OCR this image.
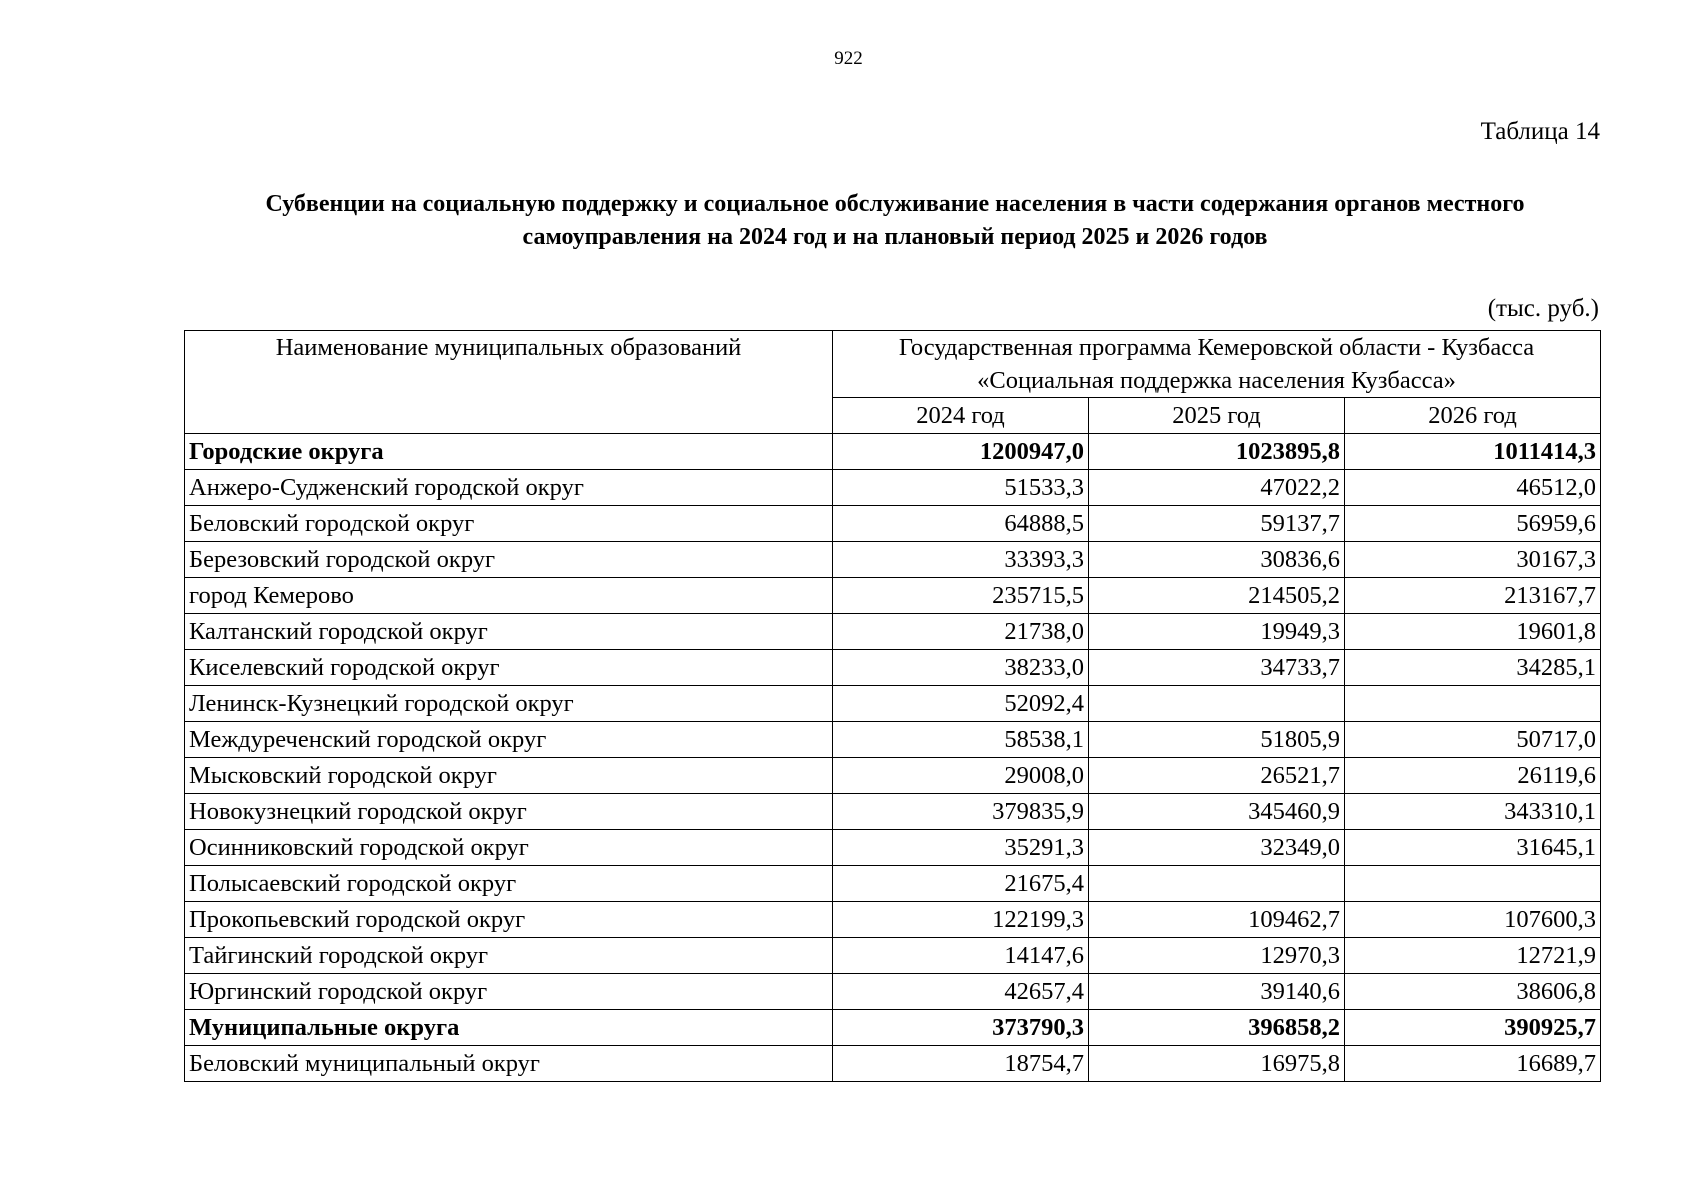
922
Таблица 14
Субвенции на социальную поддержку и социальное обслуживание населения в части содержания органов местного
самоуправления на 2024 год и на плановый период 2025 и 2026 годов
(тыс. руб.)
Наименование муниципальных образований	Государственная программа Кемеровской области - Кузбасса
«Социальная поддержка населения Кузбасса»		

	2024 год	2025 год	2026 год
Городские округа	1200947,0	1023895,8	1011414,3
Анжеро-Судженский городской округ	51533,3	47022,2	46512,0
Беловский городской округ	64888,5	59137,7	56959,6
Березовский городской округ	33393,3	30836,6	30167,3
город Кемерово	235715,5	214505,2	213167,7
Калтанский городской округ	21738,0	19949,3	19601,8
Киселевский городской округ	38233,0	34733,7	34285,1
Ленинск-Кузнецкий городской округ	52092,4		
Междуреченский городской округ	58538,1	51805,9	50717,0
Мысковский городской округ	29008,0	26521,7	26119,6
Новокузнецкий городской округ	379835,9	345460,9	343310,1
Осинниковский городской округ	35291,3	32349,0	31645,1
Полысаевский городской округ	21675,4		
Прокопьевский городской округ	122199,3	109462,7	107600,3
Тайгинский городской округ	14147,6	12970,3	12721,9
Юргинский городской округ	42657,4	39140,6	38606,8
Муниципальные округа	373790,3	396858,2	390925,7
Беловский муниципальный округ	18754,7	16975,8	16689,7
